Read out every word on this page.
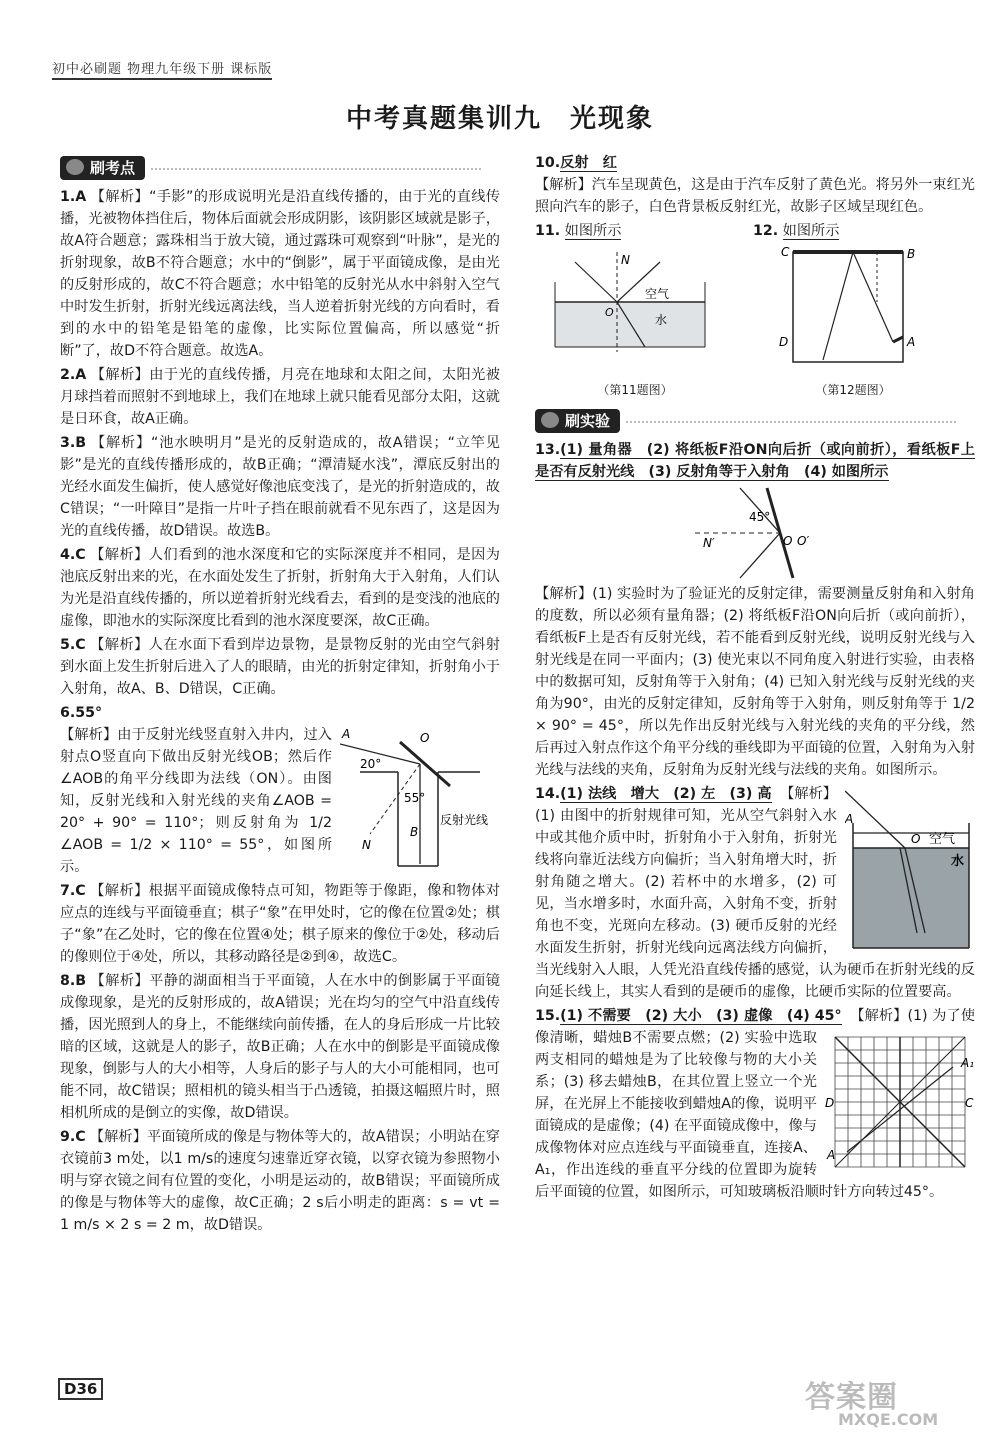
初中必刷题 物理九年级下册 课标版
中考真题集训九　光现象
刷考点
1.A 【解析】“手影”的形成说明光是沿直线传播的，由于光的直线传播，光被物体挡住后，物体后面就会形成阴影，该阴影区域就是影子，故A符合题意；露珠相当于放大镜，通过露珠可观察到“叶脉”，是光的折射现象，故B不符合题意；水中的“倒影”，属于平面镜成像，是由光的反射形成的，故C不符合题意；水中铅笔的反射光从水中斜射入空气中时发生折射，折射光线远离法线，当人逆着折射光线的方向看时，看到的水中的铅笔是铅笔的虚像，比实际位置偏高，所以感觉“折断”了，故D不符合题意。故选A。
2.A 【解析】由于光的直线传播，月亮在地球和太阳之间，太阳光被月球挡着而照射不到地球上，我们在地球上就只能看见部分太阳，这就是日环食，故A正确。
3.B 【解析】“池水映明月”是光的反射造成的，故A错误；“立竿见影”是光的直线传播形成的，故B正确；“潭清疑水浅”，潭底反射出的光经水面发生偏折，使人感觉好像池底变浅了，是光的折射造成的，故C错误；“一叶障目”是指一片叶子挡在眼前就看不见东西了，这是因为光的直线传播，故D错误。故选B。
4.C 【解析】人们看到的池水深度和它的实际深度并不相同，是因为池底反射出来的光，在水面处发生了折射，折射角大于入射角，人们认为光是沿直线传播的，所以逆着折射光线看去，看到的是变浅的池底的虚像，即池水的实际深度比看到的池水深度要深，故C正确。
5.C 【解析】人在水面下看到岸边景物，是景物反射的光由空气斜射到水面上发生折射后进入了人的眼睛，由光的折射定律知，折射角小于入射角，故A、B、D错误，C正确。
6.55°
A	O
20°
55°
N
B
反射光线
【解析】由于反射光线竖直射入井内，过入射点O竖直向下做出反射光线OB；然后作∠AOB的角平分线即为法线（ON）。由图知，反射光线和入射光线的夹角∠AOB = 20° + 90° = 110°；则反射角为 1/2 ∠AOB = 1/2 × 110° = 55°，如图所示。
7.C 【解析】根据平面镜成像特点可知，物距等于像距，像和物体对应点的连线与平面镜垂直；棋子“象”在甲处时，它的像在位置②处；棋子“象”在乙处时，它的像在位置④处；棋子原来的像位于②处，移动后的像则位于④处，所以，其移动路径是②到④，故选C。
8.B 【解析】平静的湖面相当于平面镜，人在水中的倒影属于平面镜成像现象，是光的反射形成的，故A错误；光在均匀的空气中沿直线传播，因光照到人的身上，不能继续向前传播，在人的身后形成一片比较暗的区域，这就是人的影子，故B正确；人在水中的倒影是平面镜成像现象，倒影与人的大小相等，人身后的影子与人的大小可能相同，也可能不同，故C错误；照相机的镜头相当于凸透镜，拍摄这幅照片时，照相机所成的是倒立的实像，故D错误。
9.C 【解析】平面镜所成的像是与物体等大的，故A错误；小明站在穿衣镜前3 m处，以1 m/s的速度匀速靠近穿衣镜，以穿衣镜为参照物小明与穿衣镜之间有位置的变化，小明是运动的，故B错误；平面镜所成的像是与物体等大的虚像，故C正确；2 s后小明走的距离：s = vt = 1 m/s × 2 s = 2 m，故D错误。
10.反射　红
【解析】汽车呈现黄色，这是由于汽车反射了黄色光。将另外一束红光照向汽车的影子，白色背景板反射红光，故影子区域呈现红色。
11. 如图所示
N
空气
水
O
（第11题图）
12. 如图所示
C	B
D	A
（第12题图）
刷实验
13.(1) 量角器　(2) 将纸板F沿ON向后折（或向前折），看纸板F上是否有反射光线　(3) 反射角等于入射角　(4) 如图所示
45°
N′	O O′
【解析】(1) 实验时为了验证光的反射定律，需要测量反射角和入射角的度数，所以必须有量角器；(2) 将纸板F沿ON向后折（或向前折），看纸板F上是否有反射光线，若不能看到反射光线，说明反射光线与入射光线是在同一平面内；(3) 使光束以不同角度入射进行实验，由表格中的数据可知，反射角等于入射角；(4) 已知入射光线与反射光线的夹角为90°，由光的反射定律知，反射角等于入射角，则反射角等于 1/2 × 90° = 45°，所以先作出反射光线与入射光线的夹角的平分线，然后再过入射点作这个角平分线的垂线即为平面镜的位置，入射角为入射光线与法线的夹角，反射角为反射光线与法线的夹角。如图所示。
14.(1) 法线　增大　(2) 左　(3) 高
A
O 空气
水
【解析】(1) 由图中的折射规律可知，光从空气斜射入水中或其他介质中时，折射角小于入射角，折射光线将向靠近法线方向偏折；当入射角增大时，折射角随之增大。(2) 若杯中的水增多，(2) 可见，当水增多时，水面升高，入射角不变，折射角也不变，光斑向左移动。(3) 硬币反射的光经水面发生折射，折射光线向远离法线方向偏折，当光线射入人眼，人凭光沿直线传播的感觉，认为硬币在折射光线的反向延长线上，其实人看到的是硬币的虚像，比硬币实际的位置要高。
15.(1) 不需要　(2) 大小　(3) 虚像　(4) 45°
A₁
A
C
D
【解析】(1) 为了使像清晰，蜡烛B不需要点燃；(2) 实验中选取两支相同的蜡烛是为了比较像与物的大小关系；(3) 移去蜡烛B，在其位置上竖立一个光屏，在光屏上不能接收到蜡烛A的像，说明平面镜成的是虚像；(4) 在平面镜成像中，像与成像物体对应点连线与平面镜垂直，连接A、A₁，作出连线的垂直平分线的位置即为旋转后平面镜的位置，如图所示，可知玻璃板沿顺时针方向转过45°。
D36	答案圈
MXQE.COM
